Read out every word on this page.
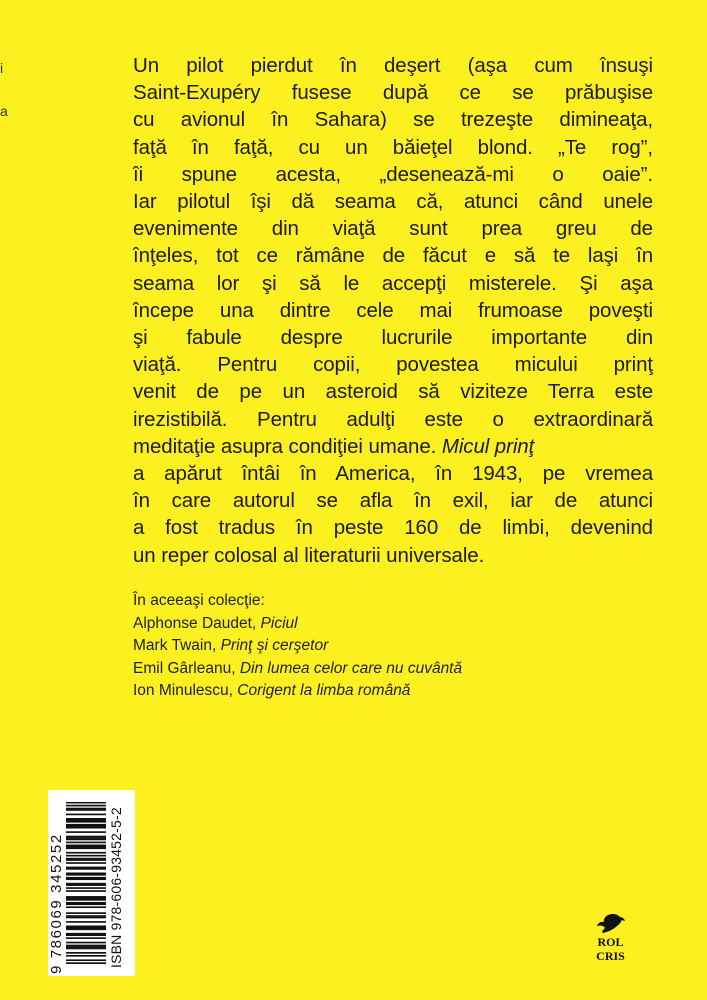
i
a
Un pilot pierdut în deşert (aşa cum însuşi
Saint-Exupéry fusese după ce se prăbuşise
cu avionul în Sahara) se trezeşte dimineaţa,
faţă în faţă, cu un băieţel blond. „Te rog”,
îi spune acesta, „desenează-mi o oaie”.
Iar pilotul îşi dă seama că, atunci când unele
evenimente din viaţă sunt prea greu de
înţeles, tot ce rămâne de făcut e să te laşi în
seama lor şi să le accepţi misterele. Şi aşa
începe una dintre cele mai frumoase poveşti
şi fabule despre lucrurile importante din
viaţă. Pentru copii, povestea micului prinţ
venit de pe un asteroid să viziteze Terra este
irezistibilă. Pentru adulţi este o extraordinară
meditaţie asupra condiţiei umane. Micul prinţ
a apărut întâi în America, în 1943, pe vremea
în care autorul se afla în exil, iar de atunci
a fost tradus în peste 160 de limbi, devenind
un reper colosal al literaturii universale.
În aceeaşi colecţie:
Alphonse Daudet, Piciul
Mark Twain, Prinţ şi cerşetor
Emil Gârleanu, Din lumea celor care nu cuvântă
Ion Minulescu, Corigent la limba română
9 786069 345252	ISBN 978-606-93452-5-2	ROL
CRIS
